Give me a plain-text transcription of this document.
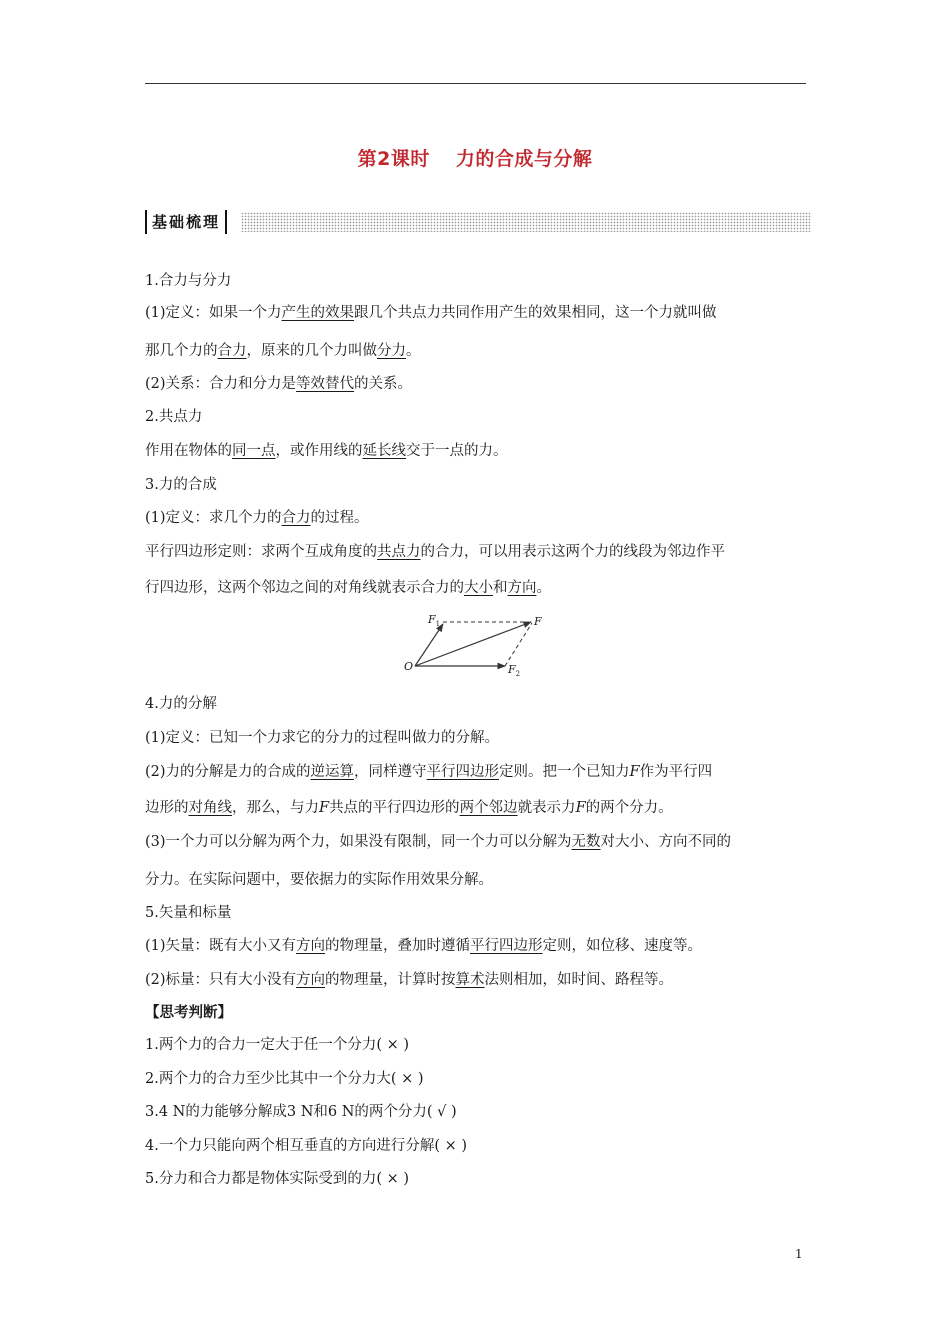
第2课时 力的合成与分解
基础梳理
1.合力与分力
(1)定义：如果一个力产生的效果跟几个共点力共同作用产生的效果相同，这一个力就叫做
那几个力的合力，原来的几个力叫做分力。
(2)关系：合力和分力是等效替代的关系。
2.共点力
作用在物体的同一点，或作用线的延长线交于一点的力。
3.力的合成
(1)定义：求几个力的合力的过程。
平行四边形定则：求两个互成角度的共点力的合力，可以用表示这两个力的线段为邻边作平
行四边形，这两个邻边之间的对角线就表示合力的大小和方向。
$F_1$	F
O	$F_2$
4.力的分解
(1)定义：已知一个力求它的分力的过程叫做力的分解。
(2)力的分解是力的合成的逆运算，同样遵守平行四边形定则。把一个已知力F作为平行四
边形的对角线，那么，与力F共点的平行四边形的两个邻边就表示力F的两个分力。
(3)一个力可以分解为两个力，如果没有限制，同一个力可以分解为无数对大小、方向不同的
分力。在实际问题中，要依据力的实际作用效果分解。
5.矢量和标量
(1)矢量：既有大小又有方向的物理量，叠加时遵循平行四边形定则，如位移、速度等。
(2)标量：只有大小没有方向的物理量，计算时按算术法则相加，如时间、路程等。
【思考判断】
1.两个力的合力一定大于任一个分力( × )
2.两个力的合力至少比其中一个分力大( × )
3.4 N的力能够分解成3 N和6 N的两个分力( √ )
4.一个力只能向两个相互垂直的方向进行分解( × )
5.分力和合力都是物体实际受到的力( × )
1
